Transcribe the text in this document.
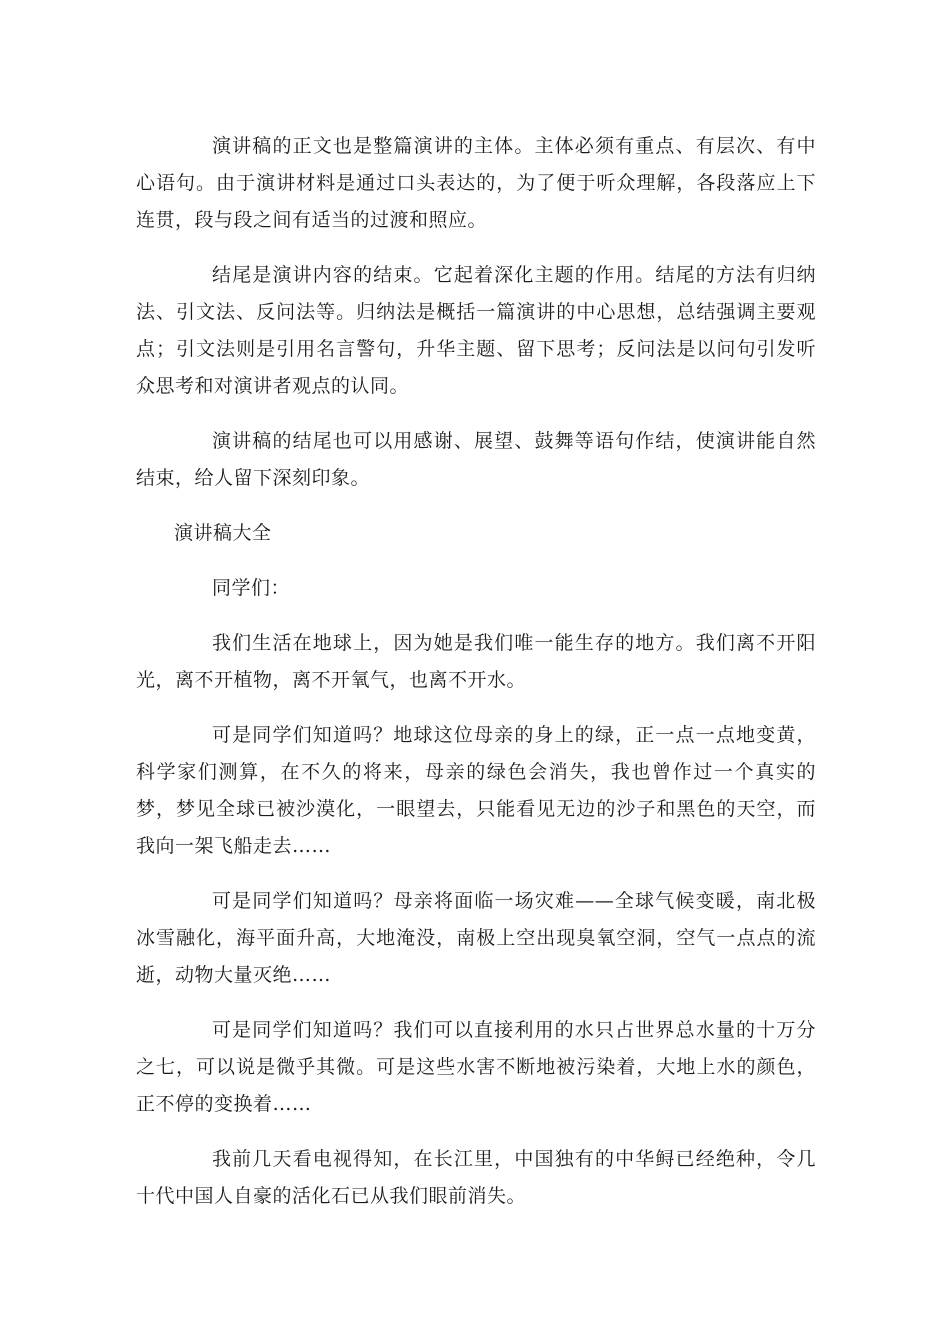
演讲稿的正文也是整篇演讲的主体。主体必须有重点、有层次、有中心语句。由于演讲材料是通过口头表达的，为了便于听众理解，各段落应上下连贯，段与段之间有适当的过渡和照应。

结尾是演讲内容的结束。它起着深化主题的作用。结尾的方法有归纳法、引文法、反问法等。归纳法是概括一篇演讲的中心思想，总结强调主要观点；引文法则是引用名言警句，升华主题、留下思考；反问法是以问句引发听众思考和对演讲者观点的认同。

演讲稿的结尾也可以用感谢、展望、鼓舞等语句作结，使演讲能自然结束，给人留下深刻印象。

演讲稿大全

同学们：

我们生活在地球上，因为她是我们唯一能生存的地方。我们离不开阳光，离不开植物，离不开氧气，也离不开水。

可是同学们知道吗？地球这位母亲的身上的绿，正一点一点地变黄，科学家们测算，在不久的将来，母亲的绿色会消失，我也曾作过一个真实的梦，梦见全球已被沙漠化，一眼望去，只能看见无边的沙子和黑色的天空，而我向一架飞船走去……

可是同学们知道吗？母亲将面临一场灾难——全球气候变暖，南北极冰雪融化，海平面升高，大地淹没，南极上空出现臭氧空洞，空气一点点的流逝，动物大量灭绝……

可是同学们知道吗？我们可以直接利用的水只占世界总水量的十万分之七，可以说是微乎其微。可是这些水害不断地被污染着，大地上水的颜色，正不停的变换着……

我前几天看电视得知，在长江里，中国独有的中华鲟已经绝种，令几十代中国人自豪的活化石已从我们眼前消失。
